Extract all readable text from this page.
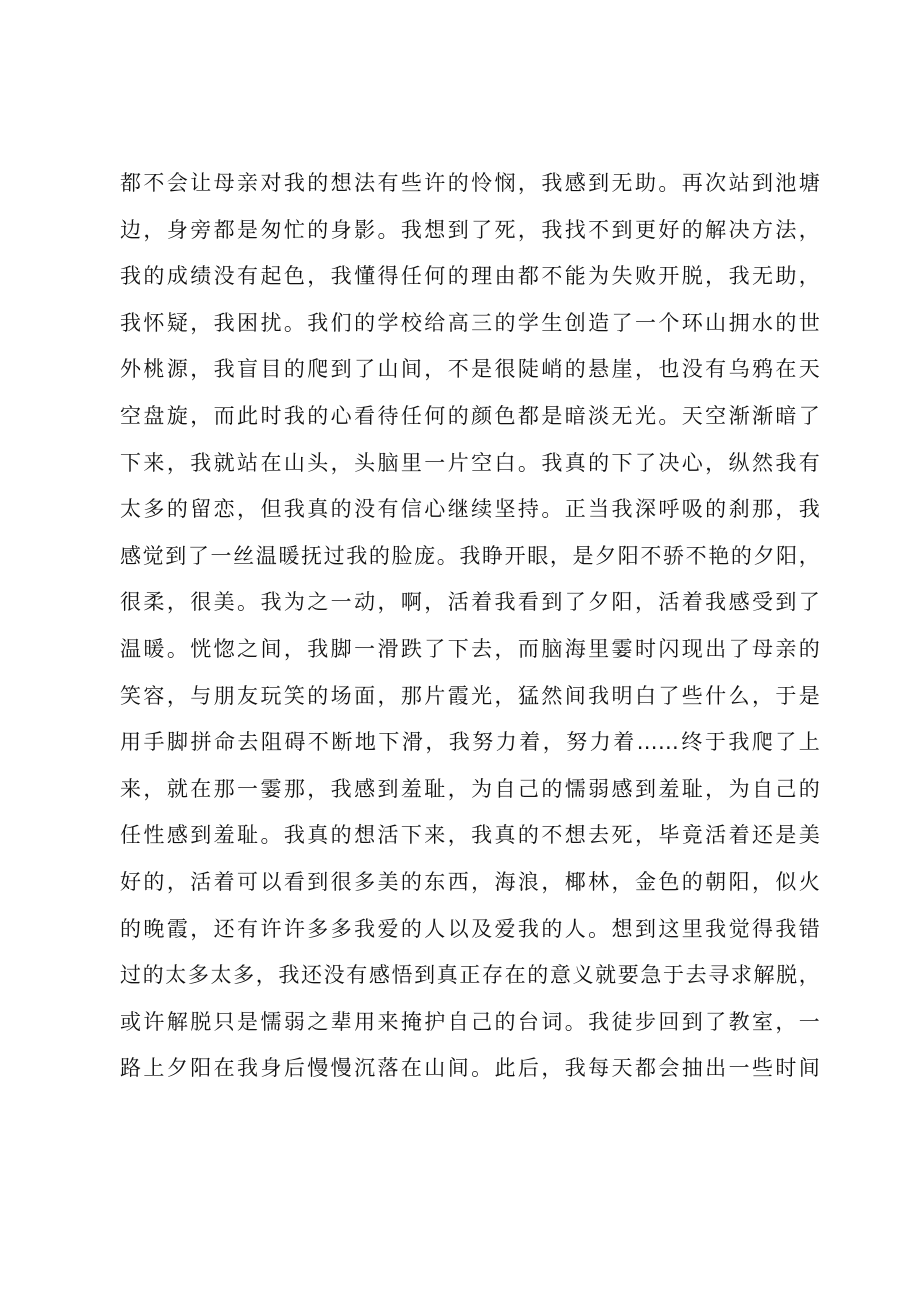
都不会让母亲对我的想法有些许的怜悯，我感到无助。再次站到池塘
边，身旁都是匆忙的身影。我想到了死，我找不到更好的解决方法，
我的成绩没有起色，我懂得任何的理由都不能为失败开脱，我无助，
我怀疑，我困扰。我们的学校给高三的学生创造了一个环山拥水的世
外桃源，我盲目的爬到了山间，不是很陡峭的悬崖，也没有乌鸦在天
空盘旋，而此时我的心看待任何的颜色都是暗淡无光。天空渐渐暗了
下来，我就站在山头，头脑里一片空白。我真的下了决心，纵然我有
太多的留恋，但我真的没有信心继续坚持。正当我深呼吸的刹那，我
感觉到了一丝温暖抚过我的脸庞。我睁开眼，是夕阳不骄不艳的夕阳，
很柔，很美。我为之一动，啊，活着我看到了夕阳，活着我感受到了
温暖。恍惚之间，我脚一滑跌了下去，而脑海里霎时闪现出了母亲的
笑容，与朋友玩笑的场面，那片霞光，猛然间我明白了些什么，于是
用手脚拼命去阻碍不断地下滑，我努力着，努力着……终于我爬了上
来，就在那一霎那，我感到羞耻，为自己的懦弱感到羞耻，为自己的
任性感到羞耻。我真的想活下来，我真的不想去死，毕竟活着还是美
好的，活着可以看到很多美的东西，海浪，椰林，金色的朝阳，似火
的晚霞，还有许许多多我爱的人以及爱我的人。想到这里我觉得我错
过的太多太多，我还没有感悟到真正存在的意义就要急于去寻求解脱，
或许解脱只是懦弱之辈用来掩护自己的台词。我徒步回到了教室，一
路上夕阳在我身后慢慢沉落在山间。此后，我每天都会抽出一些时间
